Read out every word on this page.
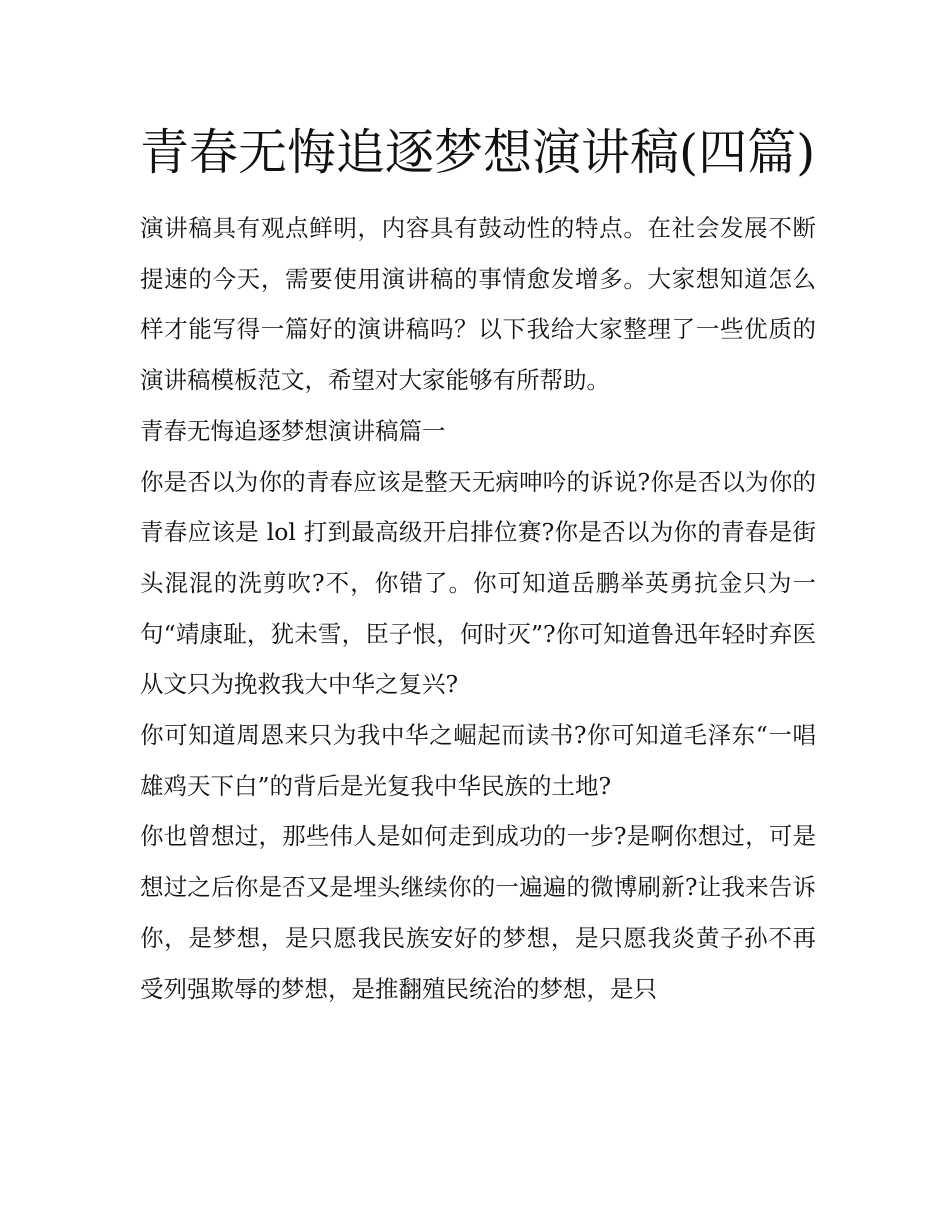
青春无悔追逐梦想演讲稿(四篇)

演讲稿具有观点鲜明，内容具有鼓动性的特点。在社会发展不断提速的今天，需要使用演讲稿的事情愈发增多。大家想知道怎么样才能写得一篇好的演讲稿吗？以下我给大家整理了一些优质的演讲稿模板范文，希望对大家能够有所帮助。

青春无悔追逐梦想演讲稿篇一

你是否以为你的青春应该是整天无病呻吟的诉说?你是否以为你的青春应该是 lol 打到最高级开启排位赛?你是否以为你的青春是街头混混的洗剪吹?不，你错了。你可知道岳鹏举英勇抗金只为一句“靖康耻，犹未雪，臣子恨，何时灭”?你可知道鲁迅年轻时弃医从文只为挽救我大中华之复兴?

你可知道周恩来只为我中华之崛起而读书?你可知道毛泽东“一唱雄鸡天下白”的背后是光复我中华民族的土地?

你也曾想过，那些伟人是如何走到成功的一步?是啊你想过，可是想过之后你是否又是埋头继续你的一遍遍的微博刷新?让我来告诉你，是梦想，是只愿我民族安好的梦想，是只愿我炎黄子孙不再受列强欺辱的梦想，是推翻殖民统治的梦想，是只
